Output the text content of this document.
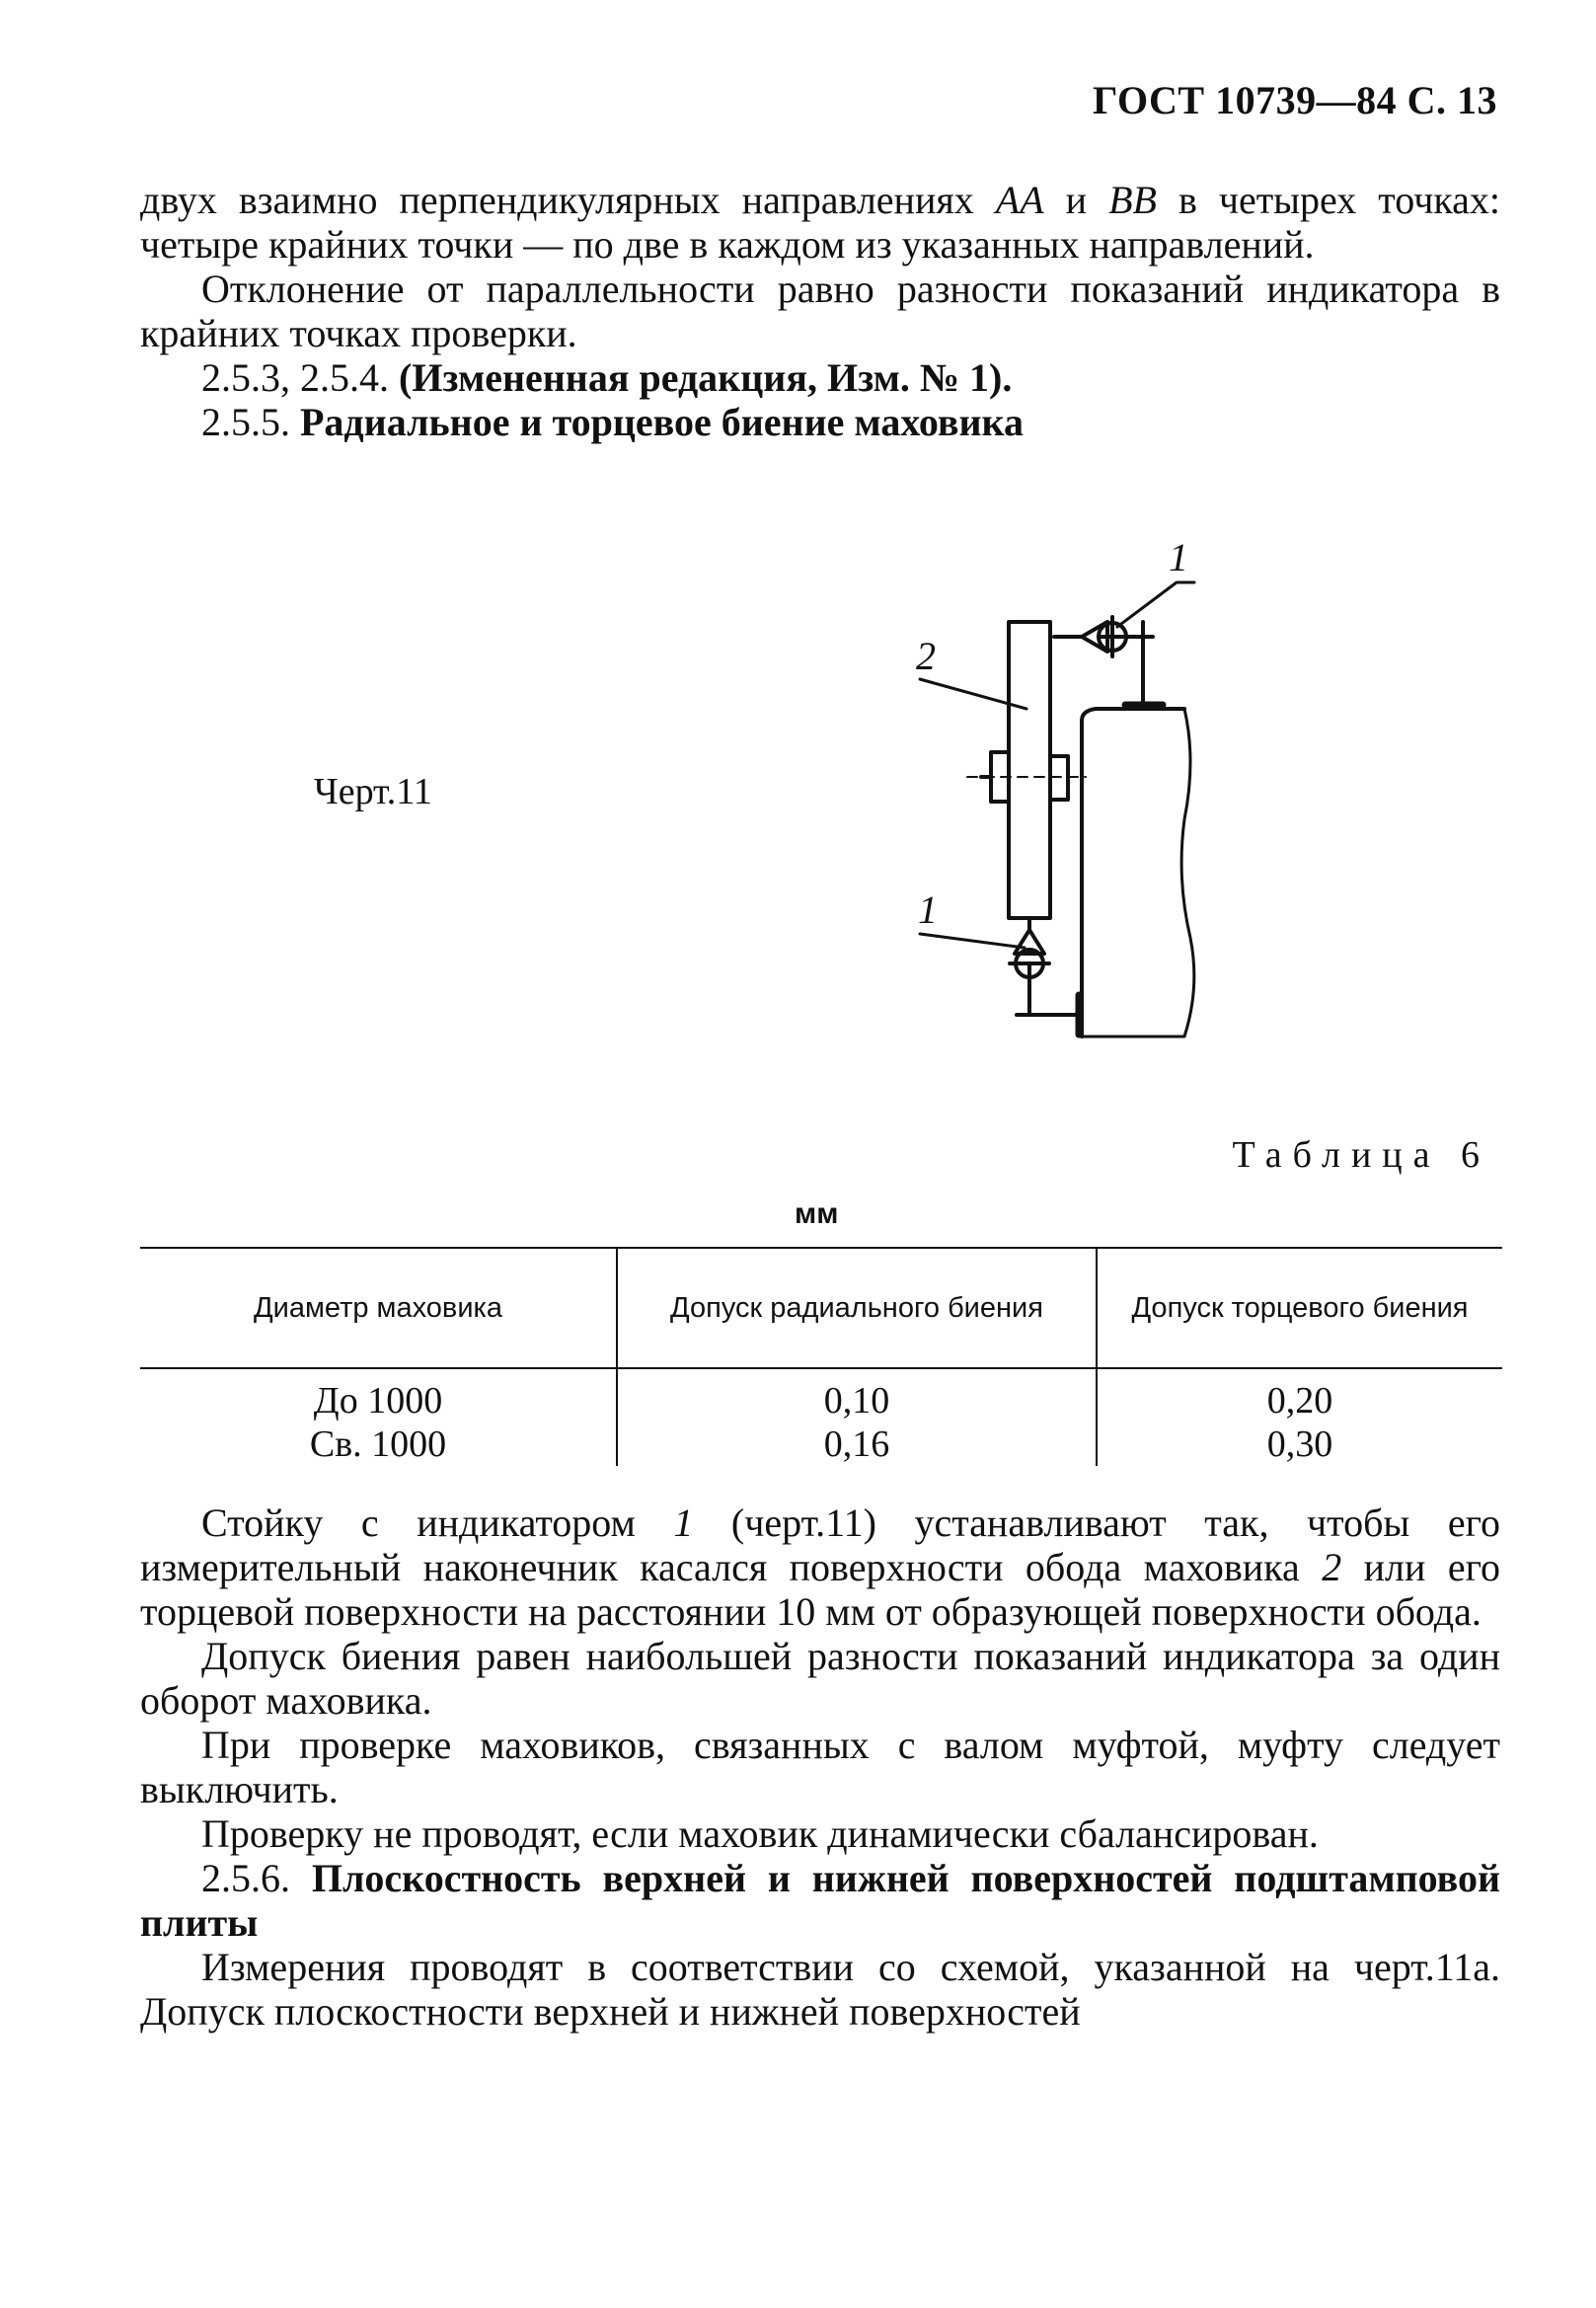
ГОСТ 10739—84 С. 13

двух взаимно перпендикулярных направлениях АА и ВВ в четырех точках: четыре крайних точки — по две в каждом из указанных направлений.

Отклонение от параллельности равно разности показаний индикатора в крайних точках проверки.

2.5.3, 2.5.4. (Измененная редакция, Изм. № 1).

2.5.5. Радиальное и торцевое биение маховика

Черт.11
1
2
1
Таблица 6
мм
Диаметр маховика	Допуск радиального биения	Допуск торцевого биения
До 1000	0,10	0,20
Св. 1000	0,16	0,30

Стойку с индикатором 1 (черт.11) устанавливают так, чтобы его измерительный наконечник касался поверхности обода маховика 2 или его торцевой поверхности на расстоянии 10 мм от образующей поверхности обода.

Допуск биения равен наибольшей разности показаний индикатора за один оборот маховика.

При проверке маховиков, связанных с валом муфтой, муфту следует выключить.

Проверку не проводят, если маховик динамически сбалансирован.

2.5.6. Плоскостность верхней и нижней поверхностей подштамповой плиты

Измерения проводят в соответствии со схемой, указанной на черт.11а. Допуск плоскостности верхней и нижней поверхностей
